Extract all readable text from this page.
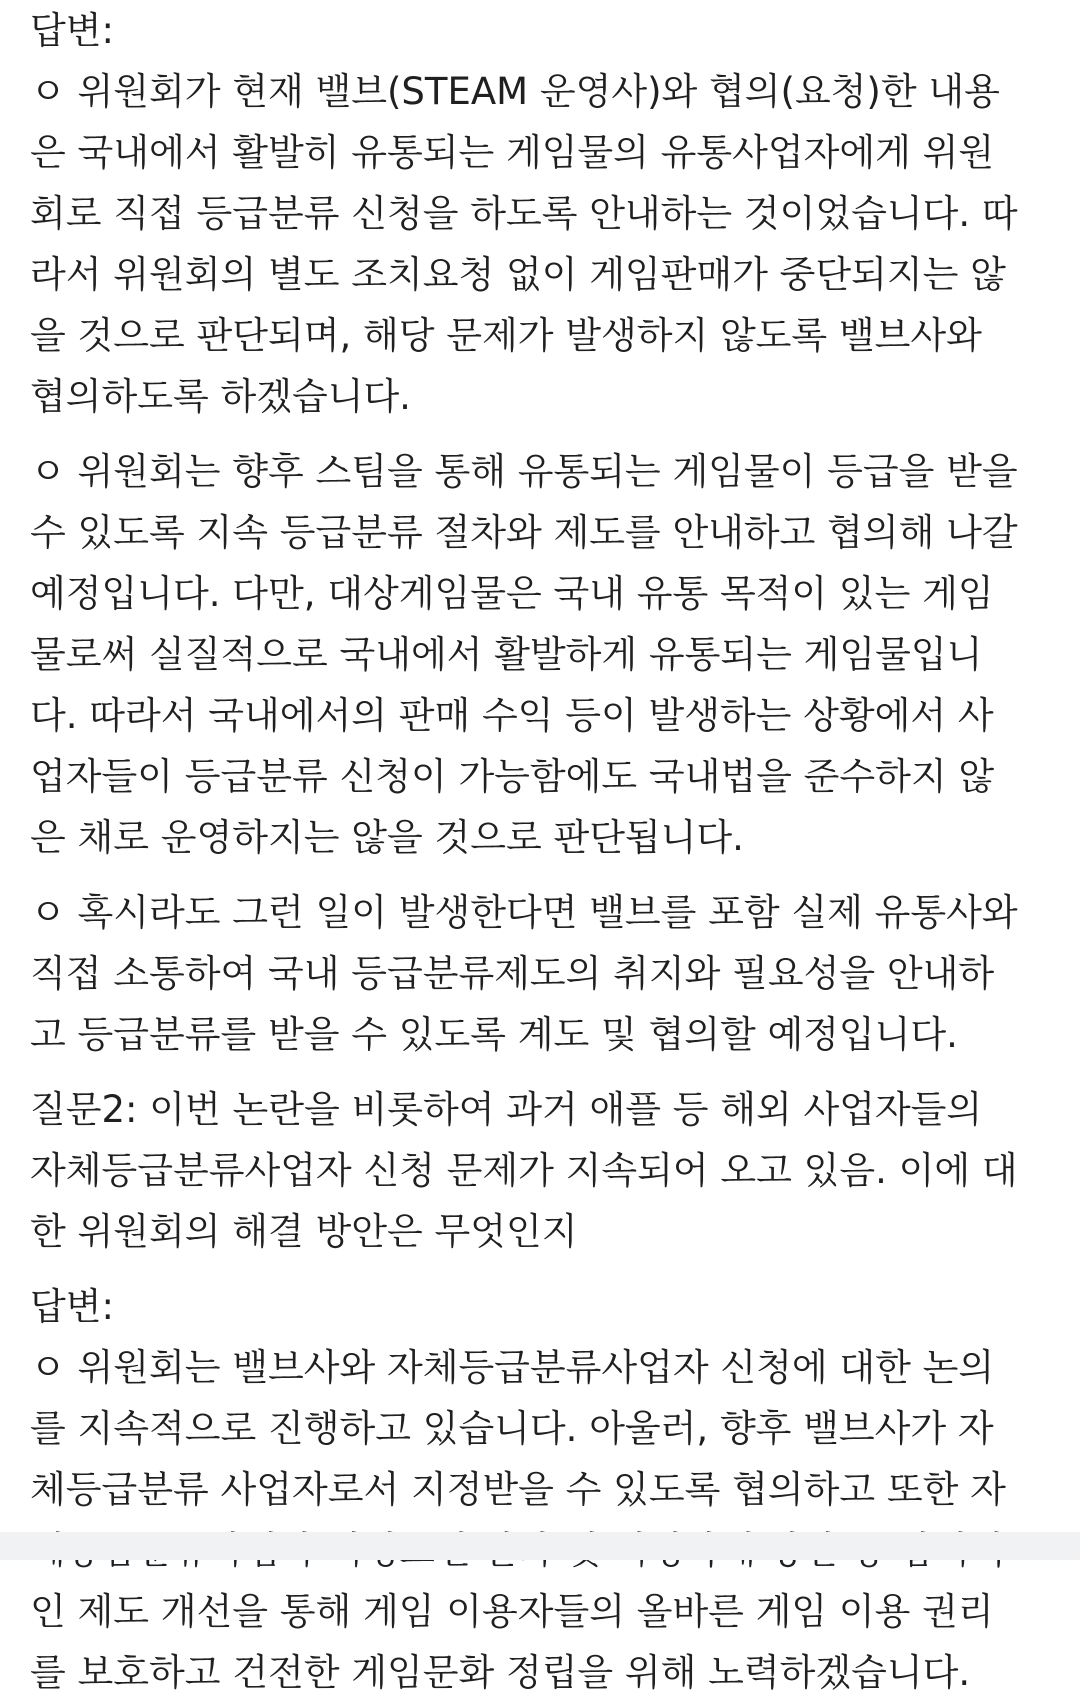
답변:
ㅇ 위원회가 현재 밸브(STEAM 운영사)와 협의(요청)한 내용
은 국내에서 활발히 유통되는 게임물의 유통사업자에게 위원
회로 직접 등급분류 신청을 하도록 안내하는 것이었습니다. 따
라서 위원회의 별도 조치요청 없이 게임판매가 중단되지는 않
을 것으로 판단되며, 해당 문제가 발생하지 않도록 밸브사와
협의하도록 하겠습니다.
ㅇ 위원회는 향후 스팀을 통해 유통되는 게임물이 등급을 받을
수 있도록 지속 등급분류 절차와 제도를 안내하고 협의해 나갈
예정입니다. 다만, 대상게임물은 국내 유통 목적이 있는 게임
물로써 실질적으로 국내에서 활발하게 유통되는 게임물입니
다. 따라서 국내에서의 판매 수익 등이 발생하는 상황에서 사
업자들이 등급분류 신청이 가능함에도 국내법을 준수하지 않
은 채로 운영하지는 않을 것으로 판단됩니다.
ㅇ 혹시라도 그런 일이 발생한다면 밸브를 포함 실제 유통사와
직접 소통하여 국내 등급분류제도의 취지와 필요성을 안내하
고 등급분류를 받을 수 있도록 계도 및 협의할 예정입니다.
질문2: 이번 논란을 비롯하여 과거 애플 등 해외 사업자들의
자체등급분류사업자 신청 문제가 지속되어 오고 있음. 이에 대
한 위원회의 해결 방안은 무엇인지
답변:
ㅇ 위원회는 밸브사와 자체등급분류사업자 신청에 대한 논의
를 지속적으로 진행하고 있습니다. 아울러, 향후 밸브사가 자
체등급분류 사업자로서 지정받을 수 있도록 협의하고 또한 자
인 제도 개선을 통해 게임 이용자들의 올바른 게임 이용 권리
를 보호하고 건전한 게임문화 정립을 위해 노력하겠습니다.
